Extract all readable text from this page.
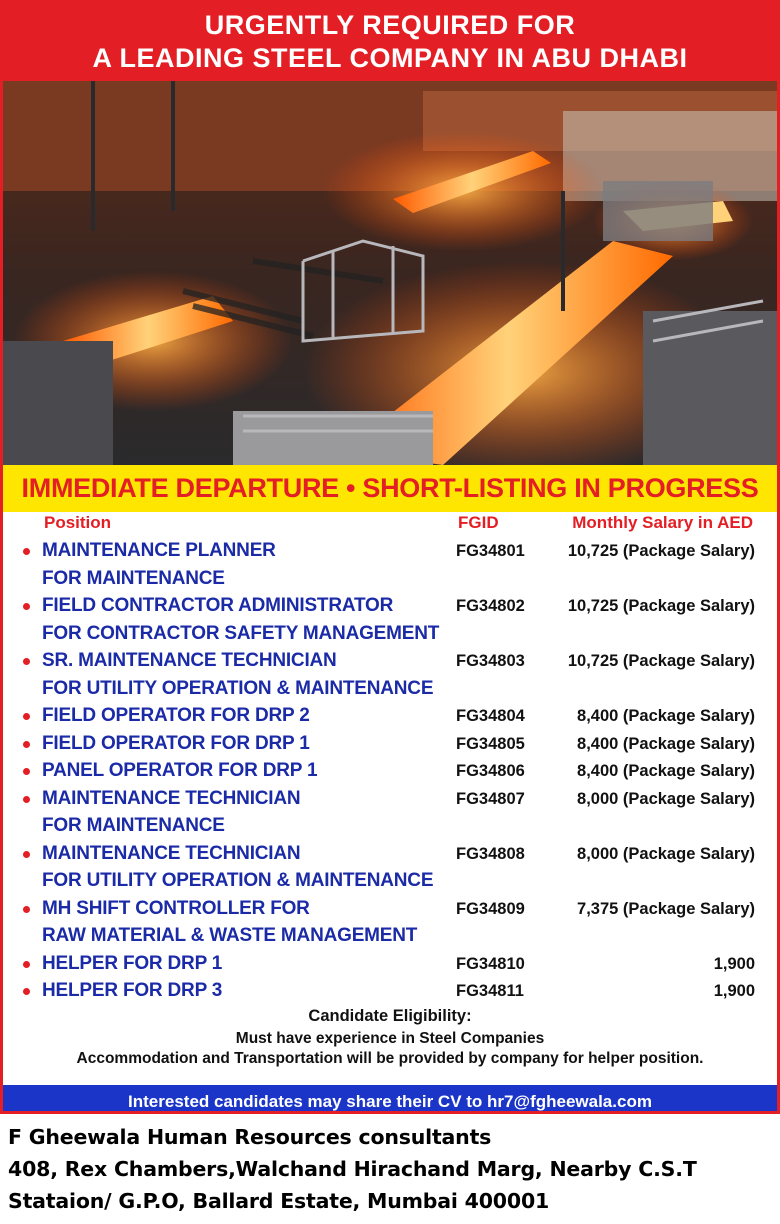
URGENTLY REQUIRED FOR
A LEADING STEEL COMPANY IN ABU DHABI
IMMEDIATE DEPARTURE • SHORT-LISTING IN PROGRESS
Position	FGID	Monthly Salary in AED
MAINTENANCE PLANNER
FOR MAINTENANCE
FG34801	10,725 (Package Salary)
FIELD CONTRACTOR ADMINISTRATOR
FOR CONTRACTOR SAFETY MANAGEMENT
FG34802	10,725 (Package Salary)
SR. MAINTENANCE TECHNICIAN
FOR UTILITY OPERATION & MAINTENANCE
FG34803	10,725 (Package Salary)
FIELD OPERATOR FOR DRP 2	FG34804	8,400 (Package Salary)
FIELD OPERATOR FOR DRP 1	FG34805	8,400 (Package Salary)
PANEL OPERATOR FOR DRP 1	FG34806	8,400 (Package Salary)
MAINTENANCE TECHNICIAN
FOR MAINTENANCE
FG34807	8,000 (Package Salary)
MAINTENANCE TECHNICIAN
FOR UTILITY OPERATION & MAINTENANCE
FG34808	8,000 (Package Salary)
MH SHIFT CONTROLLER FOR
RAW MATERIAL & WASTE MANAGEMENT
FG34809	7,375 (Package Salary)
HELPER FOR DRP 1	FG34810	1,900
HELPER FOR DRP 3	FG34811	1,900
Candidate Eligibility:
Must have experience in Steel Companies
Accommodation and Transportation will be provided by company for helper position.
Interested candidates may share their CV to hr7@fgheewala.com
F Gheewala Human Resources consultants
408, Rex Chambers,Walchand Hirachand Marg, Nearby C.S.T
Stataion/ G.P.O, Ballard Estate, Mumbai 400001
